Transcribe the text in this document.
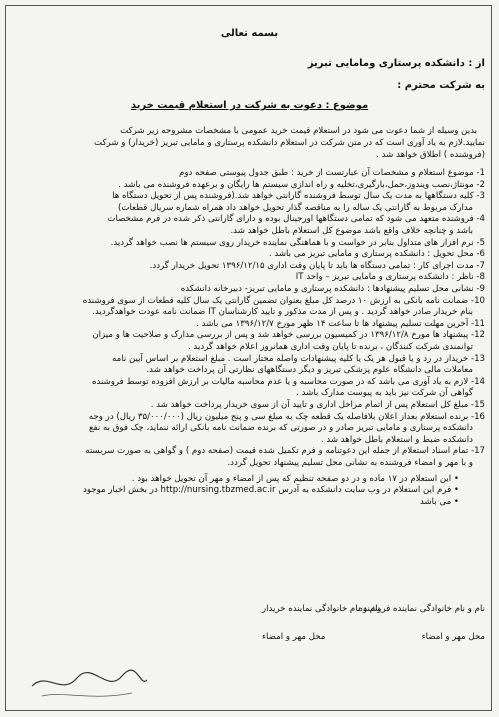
بسمه تعالی
از : دانشکده پرستاری ومامایی تبریز
به شرکت محترم :
موضوع : دعوت به شرکت در استعلام قیمت خرید
بدین وسیله از شما دعوت می شود در استعلام قیمت خرید عمومی با مشخصات مشروحه زیر شرکت
نمایید.لازم به یاد آوری است که در متن شرکت در استعلام دانشکده پرستاری و مامایی تبریز (خریدار) و شرکت
(فروشنده ) اطلاق خواهد شد .
1- موضوع استعلام و مشخصات آن عبارتست از خرید : طبق جدول پیوستی صفحه دوم
2- مونتاژ،نصب ویندوز،حمل،بارگیری،تخلیه و راه اندازی سیستم ها رایگان و برعهده فروشنده می باشد .
3- کلیه دستگاهها به مدت یک سال توسط فروشنده گارانتی خواهد شد.(فروشنده پس از تحویل دستگاه ها
مدارک مربوط به گارانتی یک ساله را به مناقصه گذار تحویل خواهد داد همراه شماره سریال قطعات)
4- فروشنده متعهد می شود که تمامی دستگاهها اورجینال بوده و دارای گارانتی ذکر شده در فرم مشخصات
باشد و چنانچه خلاف واقع باشد موضوع کل استعلام باطل خواهد شد.
5- نرم افزار های متداول بنابر در خواست و با هماهنگی نماینده خریدار روی سیستم ها نصب خواهد گردید.
6- محل تحویل : دانشکده پرستاری و مامایی تبریز می باشد .
7- مدت اجرای کار : تمامی دستگاه ها باید تا پایان وقت اداری ۱۳۹۶/۱۲/۱۵ تحویل خریدار گردد.
8- ناظر : دانشکده پرستاری و مامایی تبریز – واحد IT
9- نشانی محل تسلیم پیشنهادها : دانشکده پرستاری و مامایی تبریز- دبیرخانه دانشکده
10- ضمانت نامه بانکی به ارزش ۱۰ درصد کل مبلغ بعنوان تضمین گارانتی یک سال کلیه قطعات از سوی فروشنده
بنام خریدار صادر خواهد گردید . و پس از مدت مذکور و تایید کارشناسان IT ضمانت نامه عودت خواهدگردید.
11- آخرین مهلت تسلیم پیشنهاد ها تا ساعت ۱۴ ظهر مورخ ۱۳۹۶/۱۲/۷ می باشد .
12- پیشنهاد ها مورخ ۱۳۹۶/۱۲/۸ در کمیسیون بررسی خواهد شد و پس از بررسی مدارک و صلاحیت ها و میزان
توانمندی شرکت کنندگان ، برنده تا پایان وقت اداری همانروز اعلام خواهد گردید .
13- خریدار در رد و یا قبول هر یک یا کلیه پیشنهادات واصله مختار است . مبلغ استعلام بر اساس آیین نامه
معاملات مالی دانشگاه علوم پزشکی تبریز و دیگر دستگاههای نظارتی آن پرداخت خواهد شد.
14- لازم به یاد آوری می باشد که در صورت محاسبه و یا عدم محاسبه مالیات بر ارزش افزوده توسط فروشنده
گواهی آن شرکت نیز باید به پیوست مدارک باشد .
15- مبلغ کل استعلام پس از اتمام مراحل اداری و تایید آن از سوی خریدار پرداخت خواهد شد .
16- برنده استعلام بعداز اعلان بلافاصله یک قطعه چک به مبلغ سی و پنج میلیون ریال (۳۵/۰۰۰/۰۰۰ ریال) در وجه
دانشکده پرستاری و مامایی تبریز صادر و در صورتی که برنده ضمانت نامه بانکی ارائه ننماید، چک فوق به نفع
دانشکده ضبط و استعلام باطل خواهد شد .
17- تمام اسناد استعلام از جمله این دعوتنامه و فرم تکمیل شده قیمت (صفحه دوم ) و گواهی به صورت سربسته
و با مهر و امضاء فروشنده به نشانی محل تسلیم پیشنهاد تحویل گردد.
• این استعلام در ۱۷ ماده و در دو صفحه تنظیم که پس از امضاء و مهر آن تحویل خواهد بود .
• فرم این استعلام در وب سایت دانشکده به آدرس http://nursing.tbzmed.ac.ir در بخش اخبار موجود
• می باشد
نام و نام خانوادگی نماینده فروشنده
محل مهر و امضاء
نام و نام خانوادگی نماینده خریدار
محل مهر و امضاء
